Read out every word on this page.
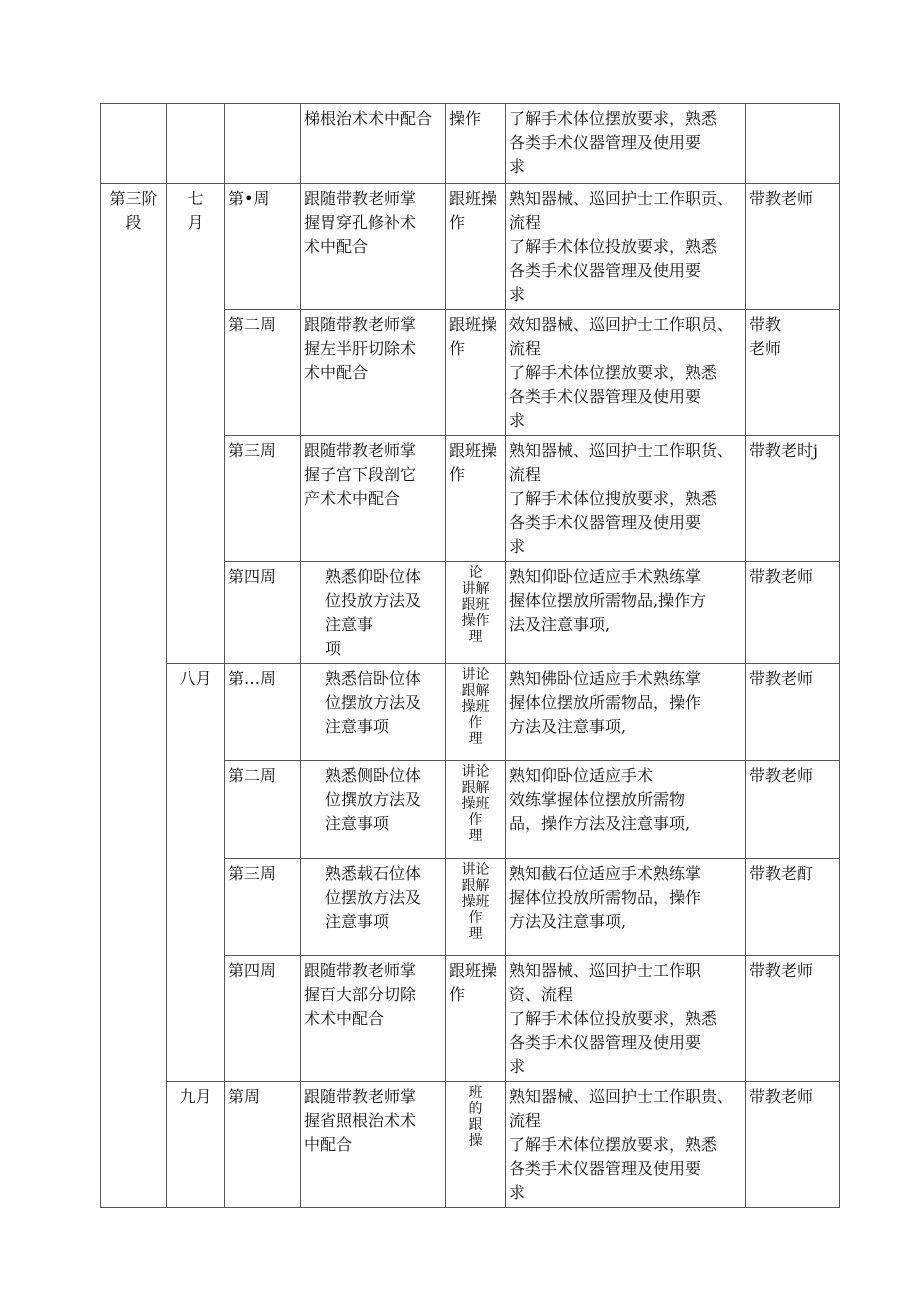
			梯根治术术中配合	操作	了解手术体位摆放要求，熟悉
各类手术仪器管理及使用要
求	
第三阶
段	七
月	第•周	跟随带教老师掌
握胃穿孔修补术
术中配合	跟班操
作	熟知器械、巡回护士工作职贡、
流程
了解手术体位投放要求，熟悉
各类手术仪器管理及使用要
求	带教老师
		第二周	跟随带教老师掌
握左半肝切除术
术中配合	跟班操
作	效知器械、巡回护士工作职员、
流程
了解手术体位摆放要求，熟悉
各类手术仪器管理及使用要
求	带教
老师
		第三周	跟随带教老师掌
握子宫下段剖它
产术术中配合	跟班操
作	熟知器械、巡回护士工作职货、
流程
了解手术体位搜放要求，熟悉
各类手术仪器管理及使用要
求	带教老时j
		第四周	熟悉仰卧位体
位投放方法及
注意事
项	论
讲解
跟班
操作
理	熟知仰卧位适应手术熟练掌
握体位摆放所需物品,操作方
法及注意事项,	带教老师
	八月	第…周	熟悉信卧位体
位摆放方法及
注意事项	讲论
跟解
操班
作
理	熟知佛卧位适应手术熟练掌
握体位摆放所需物品，操作
方法及注意事项,	带教老师
		第二周	熟悉侧卧位体
位撰放方法及
注意事项	讲论
跟解
操班
作
理	熟知仰卧位适应手术
效练掌握体位摆放所需物
品，操作方法及注意事项,	带教老师
		第三周	熟悉载石位体
位摆放方法及
注意事项	讲论
跟解
操班
作
理	熟知截石位适应手术熟练掌
握体位投放所需物品，操作
方法及注意事项,	带教老酊
		第四周	跟随带教老师掌
握百大部分切除
术术中配合	跟班操
作	熟知器械、巡回护士工作职
资、流程
了解手术体位投放要求，熟悉
各类手术仪器管理及使用要
求	带教老师
	九月	第周	跟随带教老师掌
握省照根治术术
中配合	班
的
跟
操	熟知器械、巡回护士工作职贵、
流程
了解手术体位摆放要求，熟悉
各类手术仪器管理及使用要
求	带教老师
